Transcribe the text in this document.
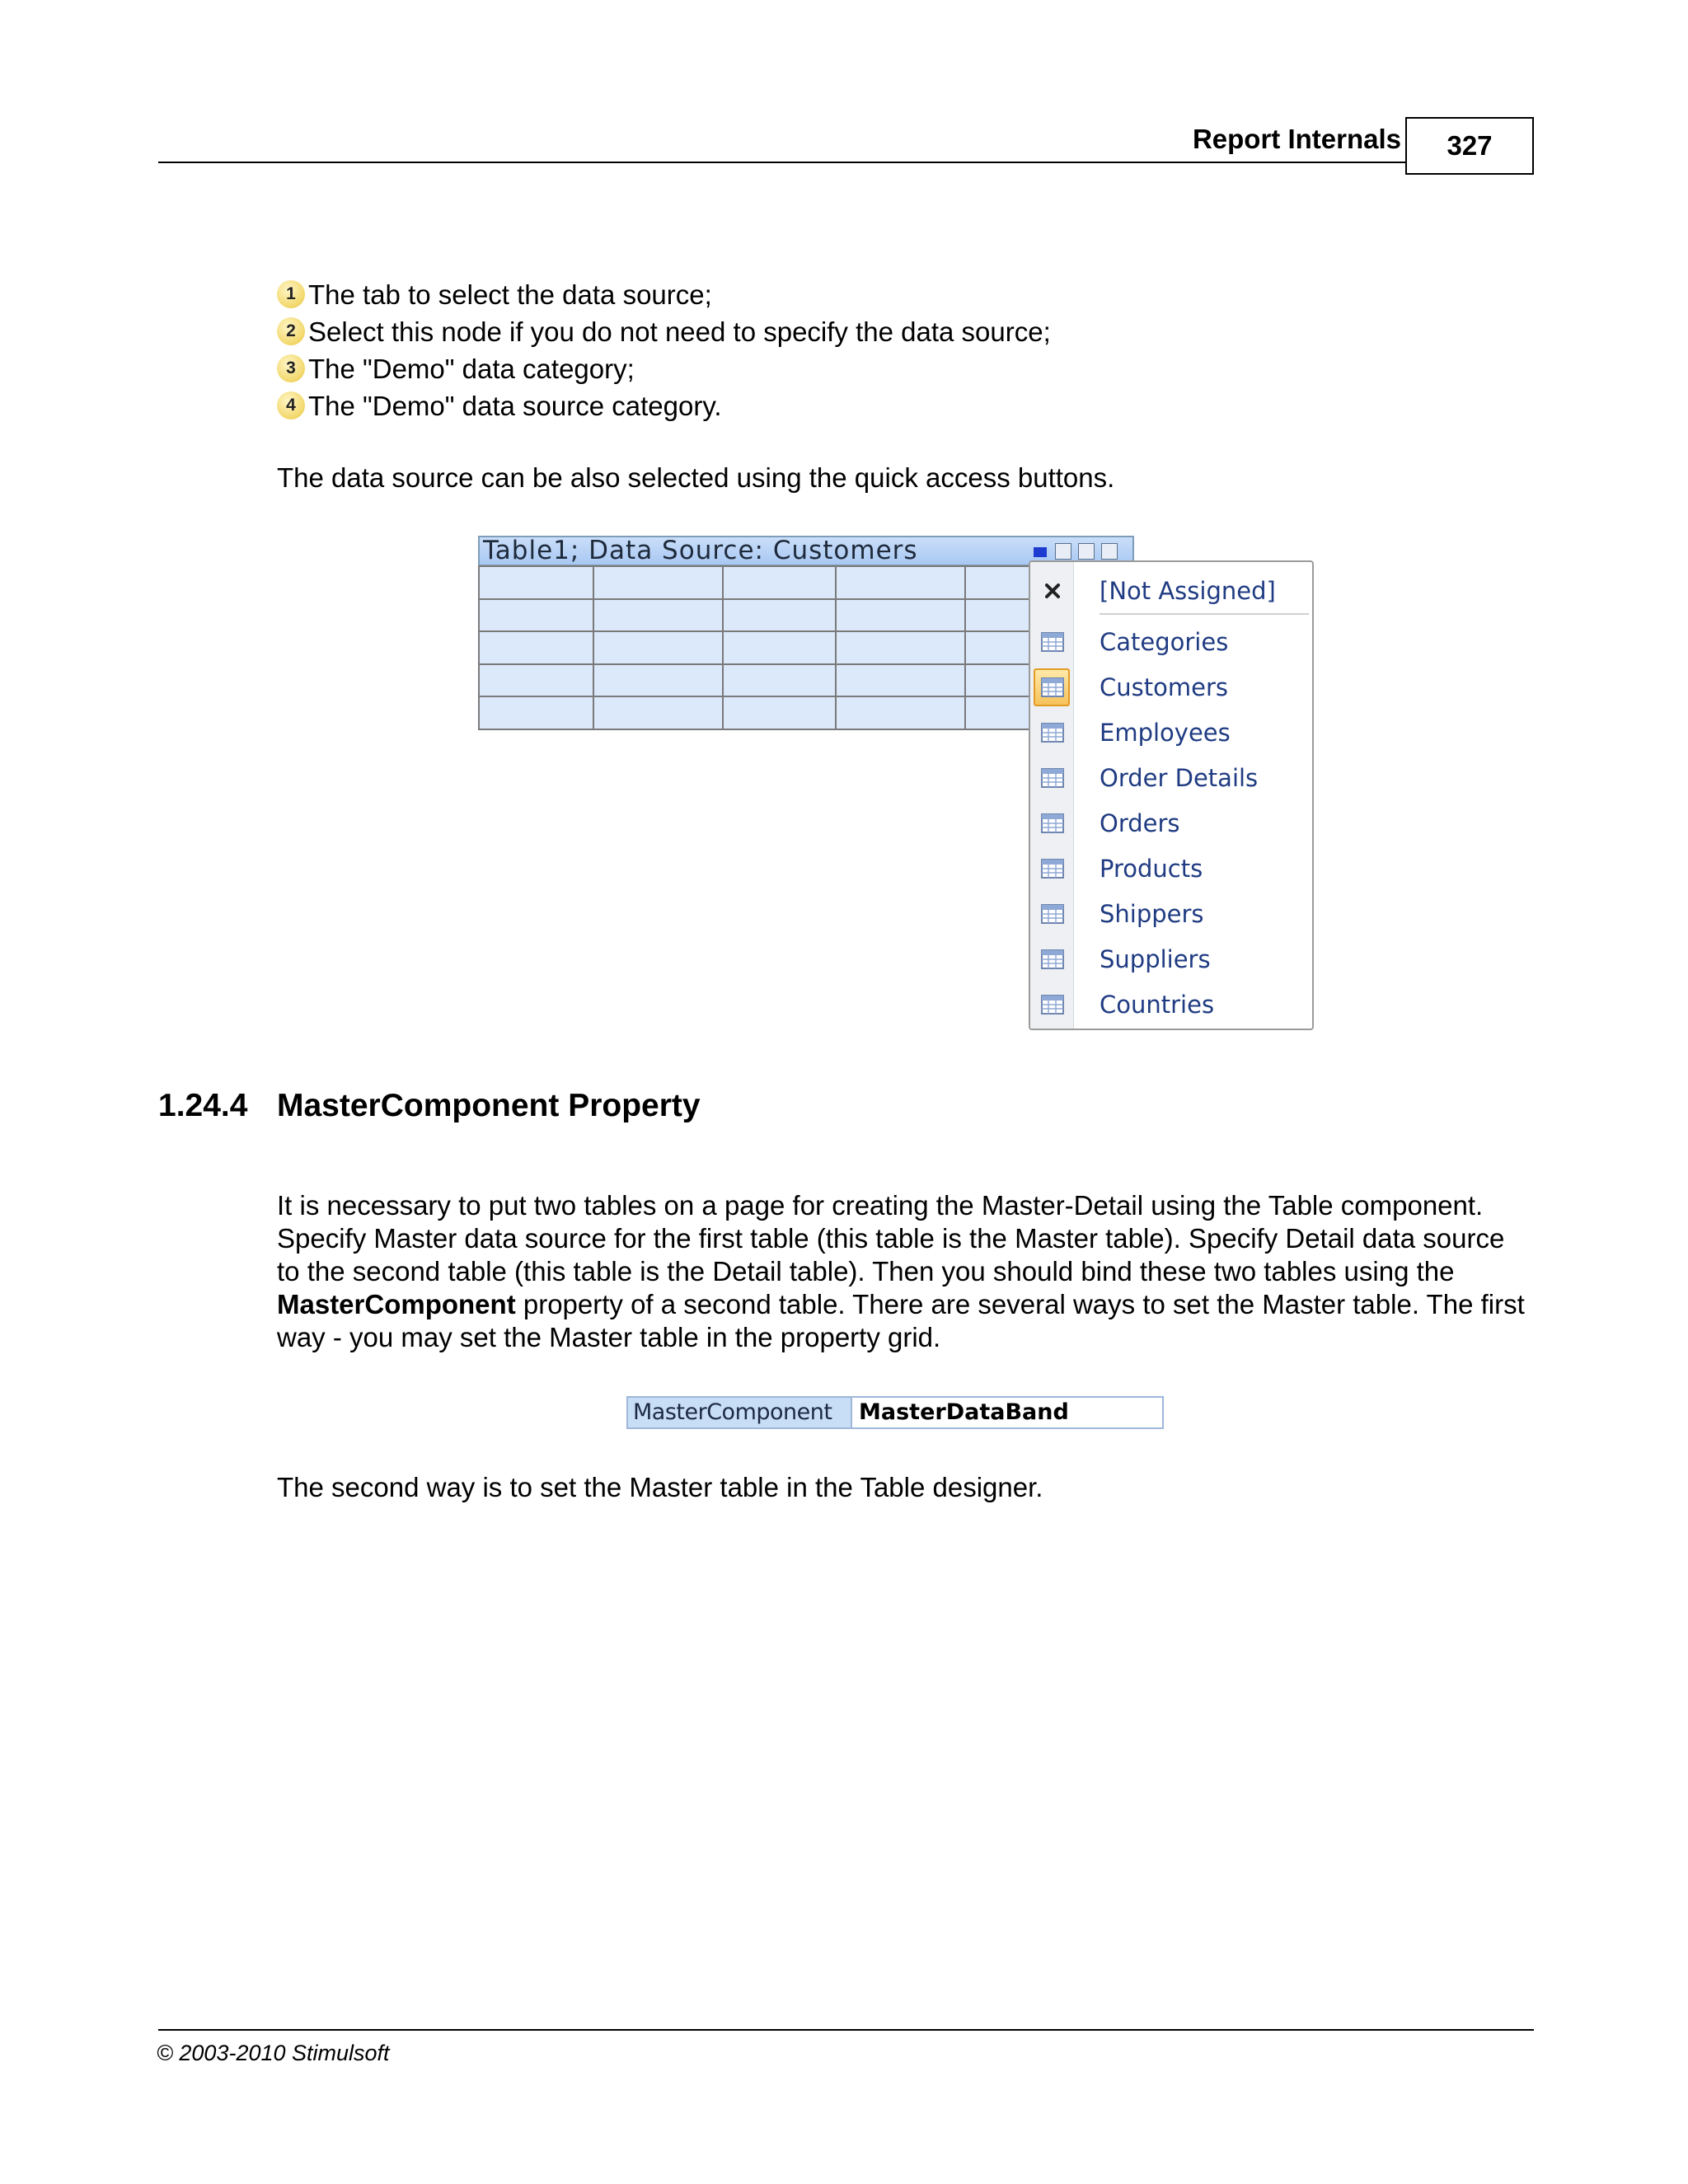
Report Internals	327
1 The tab to select the data source;
2 Select this node if you do not need to specify the data source;
3 The "Demo" data category;
4 The "Demo" data source category.
The data source can be also selected using the quick access buttons.
Table1; Data Source: Customers

[Not Assigned]
Categories
Customers
Employees
Order Details
Orders
Products
Shippers
Suppliers
Countries
1.24.4 MasterComponent Property
It is necessary to put two tables on a page for creating the Master-Detail using the Table component. Specify Master data source for the first table (this table is the Master table). Specify Detail data source to the second table (this table is the Detail table). Then you should bind these two tables using the MasterComponent property of a second table. There are several ways to set the Master table. The first way - you may set the Master table in the property grid.
MasterComponent	MasterDataBand
The second way is to set the Master table in the Table designer.
© 2003-2010 Stimulsoft
